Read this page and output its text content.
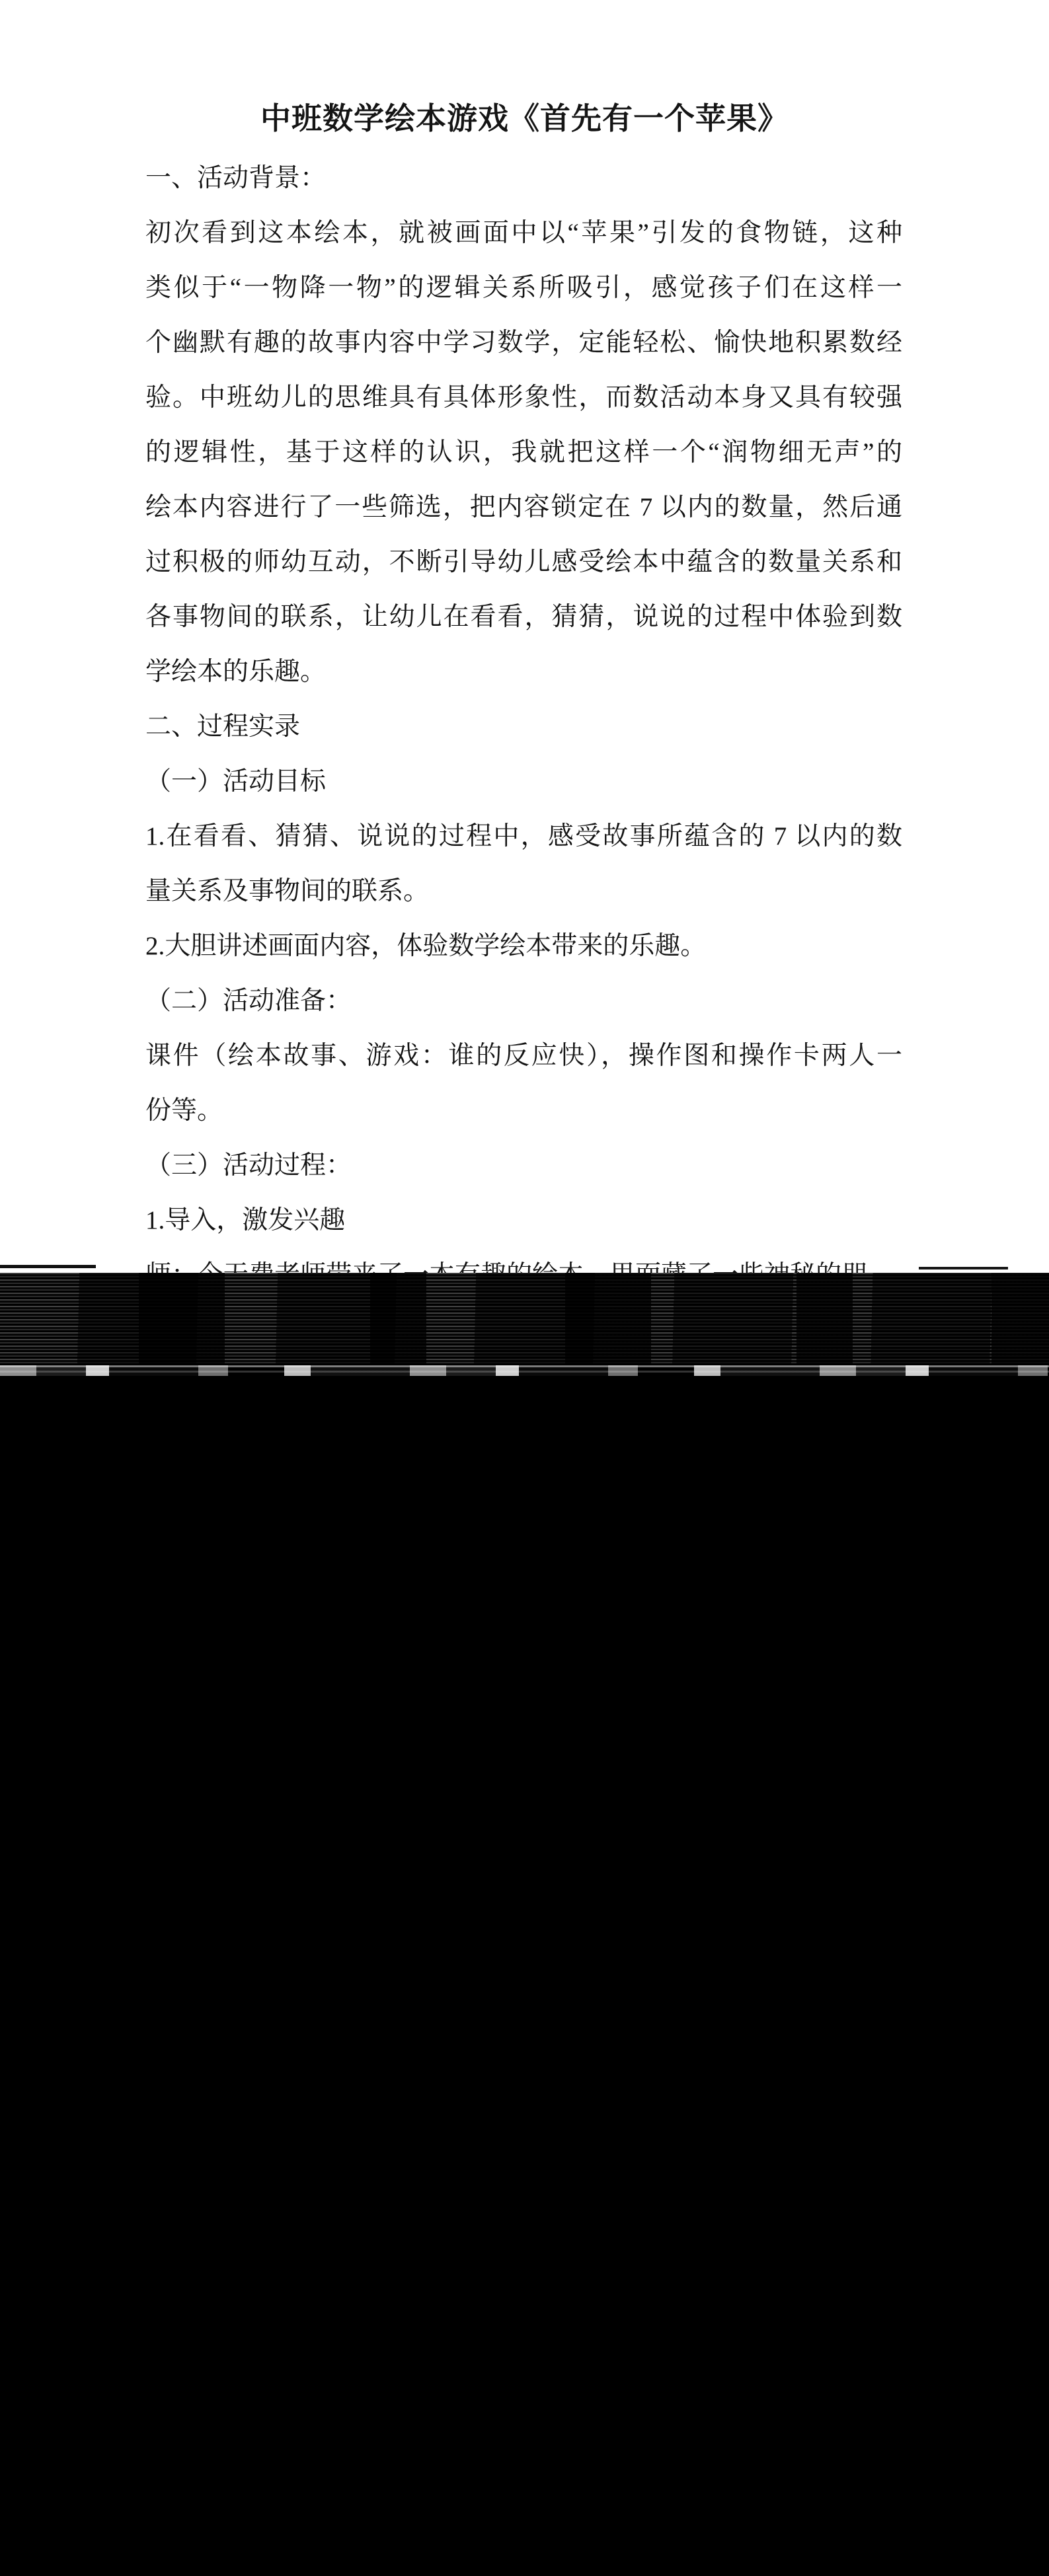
中班数学绘本游戏《首先有一个苹果》
一、活动背景：
初次看到这本绘本，就被画面中以“苹果”引发的食物链，这种
类似于“一物降一物”的逻辑关系所吸引，感觉孩子们在这样一
个幽默有趣的故事内容中学习数学，定能轻松、愉快地积累数经
验。中班幼儿的思维具有具体形象性，而数活动本身又具有较强
的逻辑性，基于这样的认识，我就把这样一个“润物细无声”的
绘本内容进行了一些筛选，把内容锁定在 7 以内的数量，然后通
过积极的师幼互动，不断引导幼儿感受绘本中蕴含的数量关系和
各事物间的联系，让幼儿在看看，猜猜，说说的过程中体验到数
学绘本的乐趣。
二、过程实录
（一）活动目标
1.在看看、猜猜、说说的过程中，感受故事所蕴含的 7 以内的数
量关系及事物间的联系。
2.大胆讲述画面内容，体验数学绘本带来的乐趣。
（二）活动准备：
课件（绘本故事、游戏：谁的反应快），操作图和操作卡两人一
份等。
（三）活动过程：
1.导入，激发兴趣
